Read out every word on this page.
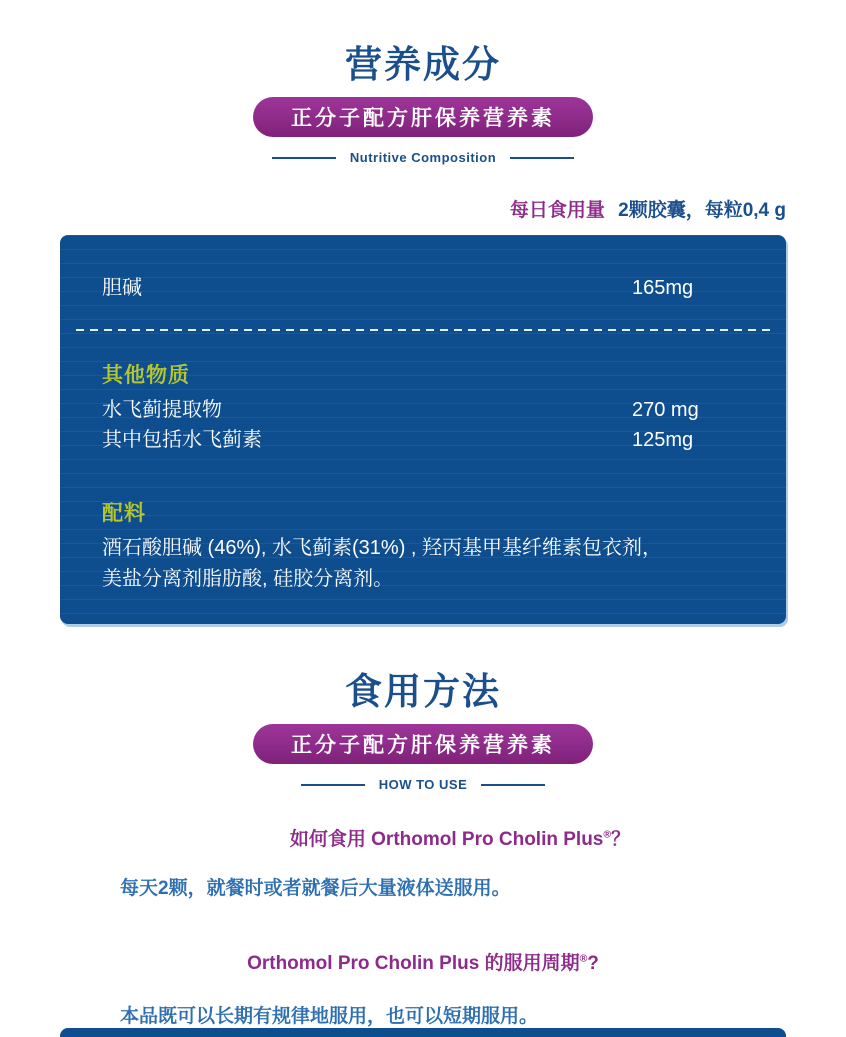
营养成分
正分子配方肝保养营养素
Nutritive Composition
每日食用量 2颗胶囊，每粒0,4 g
胆碱	165mg
其他物质
水飞蓟提取物	270 mg
其中包括水飞蓟素	125mg
配料
酒石酸胆碱 (46%), 水飞蓟素(31%) , 羟丙基甲基纤维素包衣剂，
美盐分离剂脂肪酸, 硅胶分离剂。
食用方法
正分子配方肝保养营养素
HOW TO USE
如何食用 Orthomol Pro Cholin Plus®？
每天2颗，就餐时或者就餐后大量液体送服用。
Orthomol Pro Cholin Plus 的服用周期®?
本品既可以长期有规律地服用，也可以短期服用。
